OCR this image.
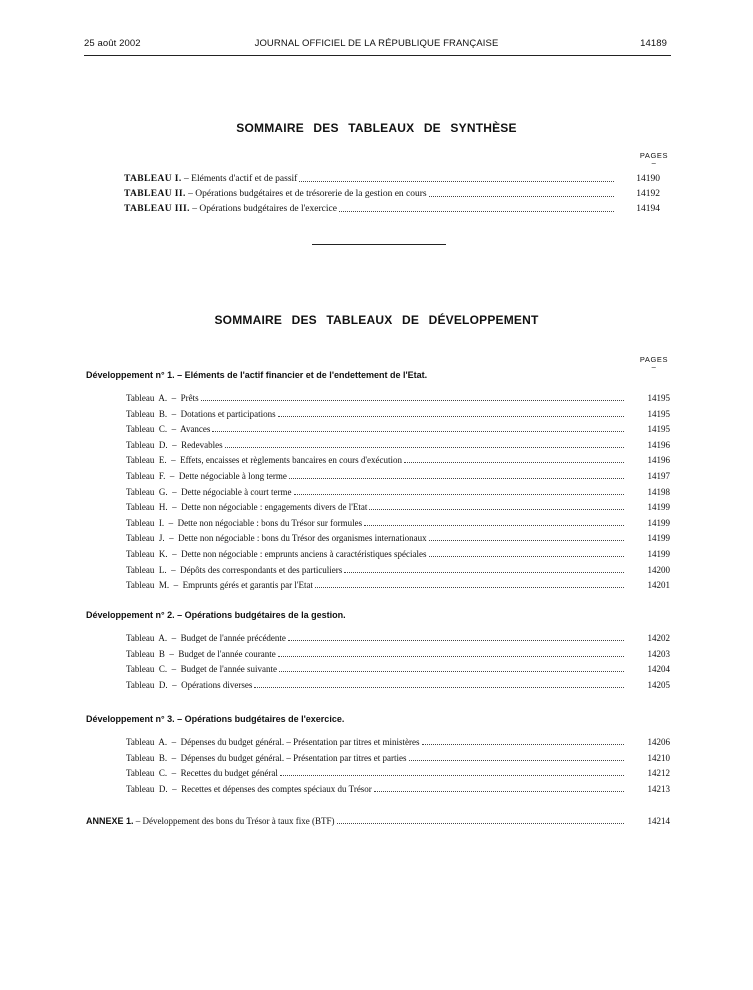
25 août 2002	JOURNAL OFFICIEL DE LA RÉPUBLIQUE FRANÇAISE	14189
SOMMAIRE DES TABLEAUX DE SYNTHÈSE
PAGES
–
TABLEAU I. – Eléments d'actif et de passif	14190
TABLEAU II. – Opérations budgétaires et de trésorerie de la gestion en cours	14192
TABLEAU III. – Opérations budgétaires de l'exercice	14194
SOMMAIRE DES TABLEAUX DE DÉVELOPPEMENT
PAGES
–
Développement n° 1. – Eléments de l'actif financier et de l'endettement de l'Etat.
Tableau  A.  –  Prêts	14195
Tableau  B.  –  Dotations et participations	14195
Tableau  C.  –  Avances	14195
Tableau  D.  –  Redevables	14196
Tableau  E.  –  Effets, encaisses et règlements bancaires en cours d'exécution	14196
Tableau  F.  –  Dette négociable à long terme	14197
Tableau  G.  –  Dette négociable à court terme	14198
Tableau  H.  –  Dette non négociable : engagements divers de l'Etat	14199
Tableau  I.  –  Dette non négociable : bons du Trésor sur formules	14199
Tableau  J.  –  Dette non négociable : bons du Trésor des organismes internationaux	14199
Tableau  K.  –  Dette non négociable : emprunts anciens à caractéristiques spéciales	14199
Tableau  L.  –  Dépôts des correspondants et des particuliers	14200
Tableau  M.  –  Emprunts gérés et garantis par l'Etat	14201
Développement n° 2. – Opérations budgétaires de la gestion.
Tableau  A.  –  Budget de l'année précédente	14202
Tableau  B  –  Budget de l'année courante	14203
Tableau  C.  –  Budget de l'année suivante	14204
Tableau  D.  –  Opérations diverses	14205
Développement n° 3. – Opérations budgétaires de l'exercice.
Tableau  A.  –  Dépenses du budget général. – Présentation par titres et ministères	14206
Tableau  B.  –  Dépenses du budget général. – Présentation par titres et parties	14210
Tableau  C.  –  Recettes du budget général	14212
Tableau  D.  –  Recettes et dépenses des comptes spéciaux du Trésor	14213
ANNEXE 1. – Développement des bons du Trésor à taux fixe (BTF)	14214
